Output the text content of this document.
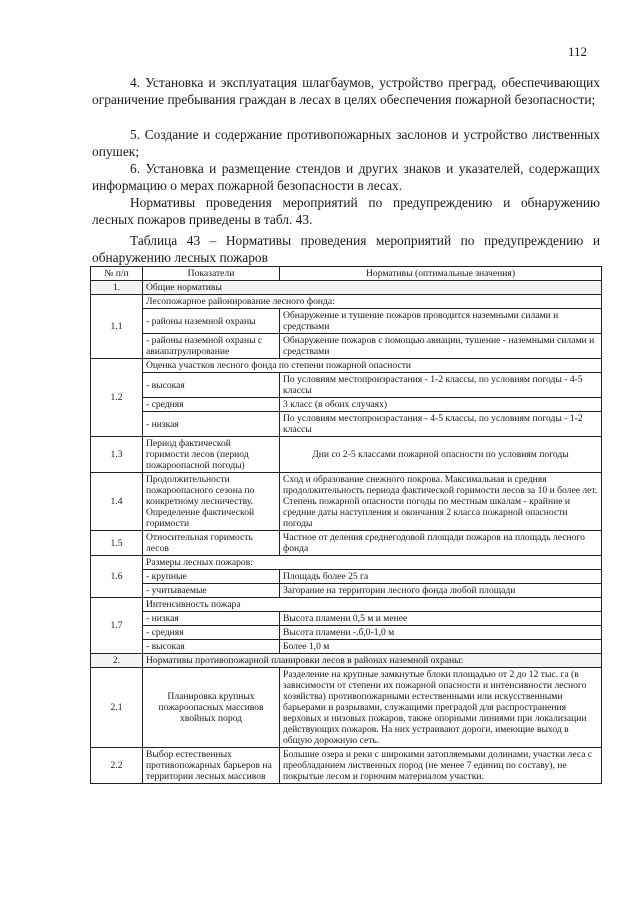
112
4. Установка и эксплуатация шлагбаумов, устройство преград, обеспечивающих ограничение пребывания граждан в лесах в целях обеспечения пожарной безопасности;
5. Создание и содержание противопожарных заслонов и устройство лиственных опушек;
6. Установка и размещение стендов и других знаков и указателей, содержащих информацию о мерах пожарной безопасности в лесах.
Нормативы проведения мероприятий по предупреждению и обнаружению лесных пожаров приведены в табл. 43.
Таблица 43 – Нормативы проведения мероприятий по предупреждению и обнаружению лесных пожаров
№ п/п	Показатели	Нормативы (оптимальные значения)
1.	Общие нормативы	
1.1	Лесопожарное районирование лесного фонда:	
	- районы наземной охраны	Обнаружение и тушение пожаров проводится наземными силами и средствами
	- районы наземной охраны с авиапатрулирование	Обнаружение пожаров с помощью авиации, тушение - наземными силами и средствами
1.2	Оценка участков лесного фонда по степени пожарной опасности	
	- высокая	По условиям местопроизрастания - 1-2 классы, по условиям погоды - 4-5 классы
	- средняя	3 класс (в обоих случаях)
	- низкая	По условиям местопроизрастания - 4-5 классы, по условиям погоды - 1-2 классы
1.3	Период фактической горимости лесов (период пожароопасной погоды)	Дни со 2-5 классами пожарной опасности по условиям погоды
1.4	Продолжительности пожароопасного сезона по конкретному лесничеству. Определение фактической горимости	Сход и образование снежного покрова. Максимальная и средняя продолжительность периода фактической горимости лесов за 10 и более лет. Степень пожарной опасности погоды по местным шкалам - крайние и средние даты наступления и окончания 2 класса пожарной опасности погоды
1.5	Относительная горимость лесов	Частное от деления среднегодовой площади пожаров на площадь лесного фонда
1.6	Размеры лесных пожаров:	
	- крупные	Площадь более 25 га
	- учитываемые	Загорание на территории лесного фонда любой площади
1.7	Интенсивность пожара	
	- низкая	Высота пламени 0,5 м и менее
	- средняя	Высота пламени -.б,0-1,0 м
	- высокая	Более 1,0 м
2.	Нормативы противопожарной планировки лесов в районах наземной охраны:	
2.1	Планировка крупных пожароопасных массивов хвойных пород	Разделение на крупные замкнутые блоки площадью от 2 до 12 тыс. га (в зависимости от степени их пожарной опасности и интенсивности лесного хозяйства) противопожарными естественными или искусственными барьерами и разрывами, служащими преградой для распространения верховых и низовых пожаров, также опорными линиями при локализации действующих пожаров. На них устраивают дороги, имеющие выход в общую дорожную сеть.
2.2	Выбор естественных противопожарных барьеров на территории лесных массивов	Большие озера и реки с широкими затопляемыми долинами, участки леса с преобладанием лиственных пород (не менее 7 единиц по составу), не покрытые лесом и горючим материалом участки.
